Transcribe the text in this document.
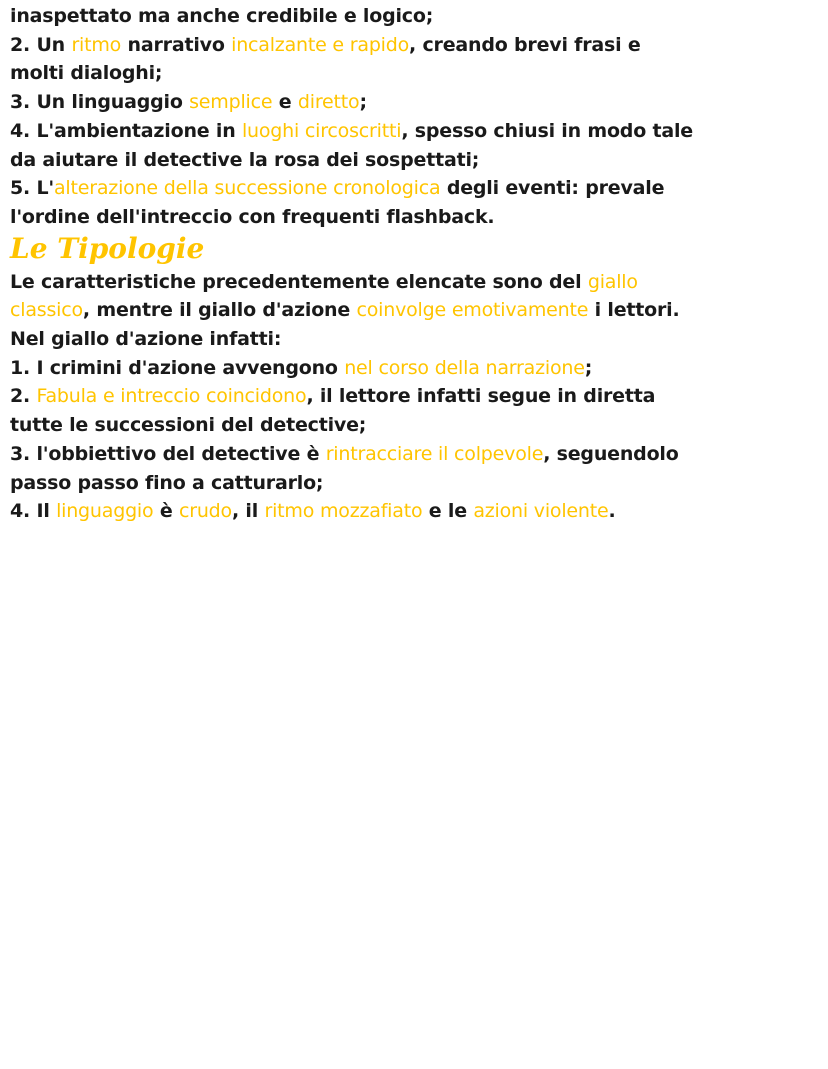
inaspettato ma anche credibile e logico;
2. Un ritmo narrativo incalzante e rapido, creando brevi frasi e
molti dialoghi;
3. Un linguaggio semplice e diretto;
4. L'ambientazione in luoghi circoscritti, spesso chiusi in modo tale
da aiutare il detective la rosa dei sospettati;
5. L'alterazione della successione cronologica degli eventi: prevale
l'ordine dell'intreccio con frequenti flashback.
Le Tipologie
Le caratteristiche precedentemente elencate sono del giallo
classico, mentre il giallo d'azione coinvolge emotivamente i lettori.
Nel giallo d'azione infatti:
1. I crimini d'azione avvengono nel corso della narrazione;
2. Fabula e intreccio coincidono, il lettore infatti segue in diretta
tutte le successioni del detective;
3. l'obbiettivo del detective è rintracciare il colpevole, seguendolo
passo passo fino a catturarlo;
4. Il linguaggio è crudo, il ritmo mozzafiato e le azioni violente.
